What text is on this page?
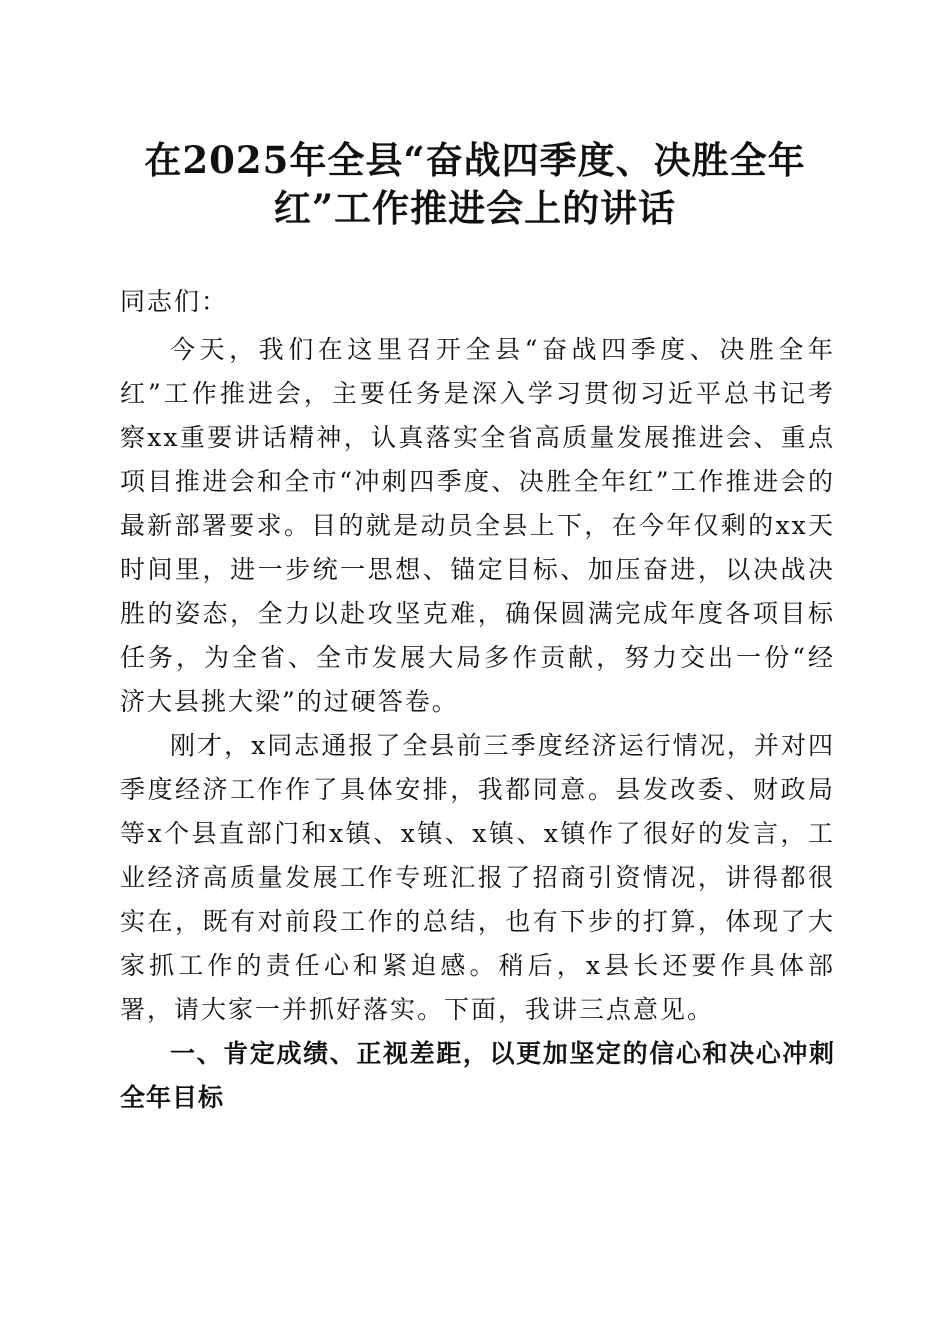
在2025年全县“奋战四季度、决胜全年
红”工作推进会上的讲话

同志们：

今天，我们在这里召开全县“奋战四季度、决胜全年红”工作推进会，主要任务是深入学习贯彻习近平总书记考察xx重要讲话精神，认真落实全省高质量发展推进会、重点项目推进会和全市“冲刺四季度、决胜全年红”工作推进会的最新部署要求。目的就是动员全县上下，在今年仅剩的xx天时间里，进一步统一思想、锚定目标、加压奋进，以决战决胜的姿态，全力以赴攻坚克难，确保圆满完成年度各项目标任务，为全省、全市发展大局多作贡献，努力交出一份“经济大县挑大梁”的过硬答卷。

刚才，x同志通报了全县前三季度经济运行情况，并对四季度经济工作作了具体安排，我都同意。县发改委、财政局等x个县直部门和x镇、x镇、x镇、x镇作了很好的发言，工业经济高质量发展工作专班汇报了招商引资情况，讲得都很实在，既有对前段工作的总结，也有下步的打算，体现了大家抓工作的责任心和紧迫感。稍后，x县长还要作具体部署，请大家一并抓好落实。下面，我讲三点意见。

一、肯定成绩、正视差距，以更加坚定的信心和决心冲刺全年目标
